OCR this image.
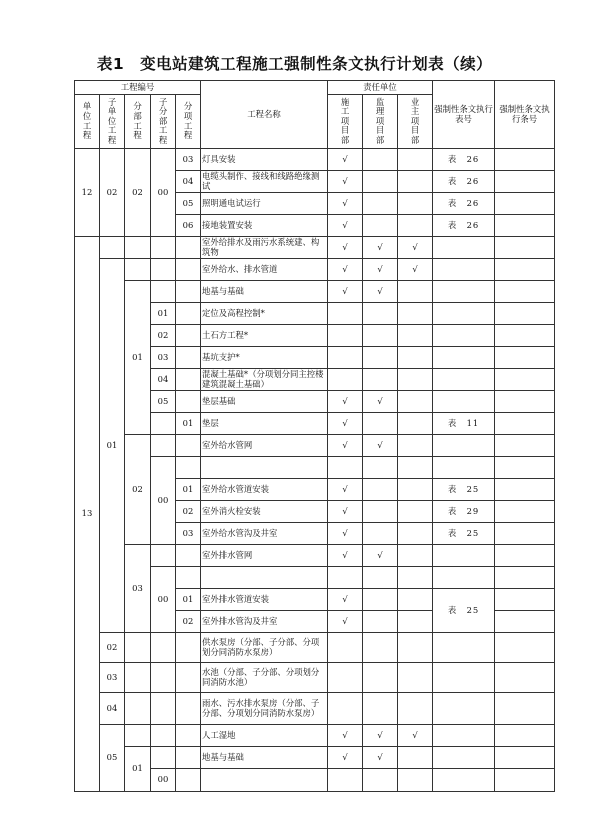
表1　变电站建筑工程施工强制性条文执行计划表（续）
工程编号					工程名称	责任单位			强制性条文执行表号	强制性条文执行条号
单位工程	子单位工程	分部工程	子分部工程	分项工程		施工项目部	监理项目部	业主项目部		
12	02	02	00	03	灯具安装	√			表　26	
				04	电缆头制作、接线和线路绝缘测试	√			表　26	
				05	照明通电试运行	√			表　26	
				06	接地装置安装	√			表　26	
13					室外给排水及雨污水系统建、构筑物	√	√	√		
	01				室外给水、排水管道	√	√	√		
		01			地基与基础	√	√			
			01		定位及高程控制*					
			02		土石方工程*					
			03		基坑支护*					
			04		混凝土基础*（分项划分同主控楼建筑混凝土基础）					
			05		垫层基础	√	√			
				01	垫层	√			表　11	
		02			室外给水管网	√	√			
			00							
				01	室外给水管道安装	√			表　25	
				02	室外消火栓安装	√			表　29	
				03	室外给水管沟及井室	√			表　25	
		03			室外排水管网	√	√			
			00							
				01	室外排水管道安装	√			表　25	
				02	室外排水管沟及井室	√				
	02				供水泵房（分部、子分部、分项划分同消防水泵房）					
	03				水池（分部、子分部、分项划分同消防水池）					
	04				雨水、污水排水泵房（分部、子分部、分项划分同消防水泵房）					
	05				人工湿地	√	√	√		
		01			地基与基础	√	√			
			00							
